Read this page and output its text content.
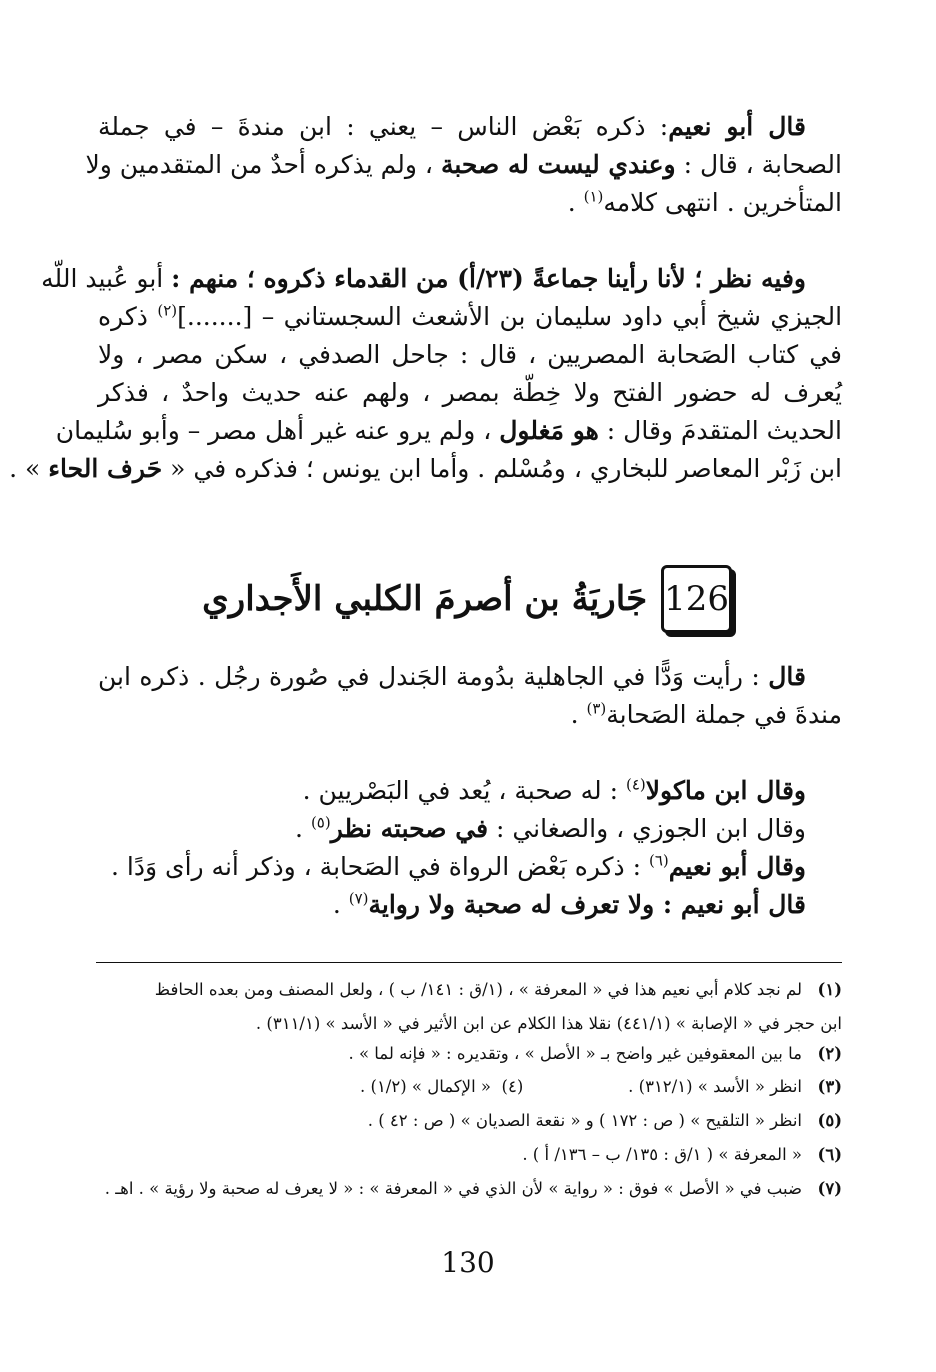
قال أبو نعيم: ذكره بَعْض الناس – يعني : ابن مندةَ – في جملة
الصحابة ، قال : وعندي ليست له صحبة ، ولم يذكره أحدٌ من المتقدمين ولا
المتأخرين . انتهى كلامه$^{(١)}$ .
وفيه نظر ؛ لأنا رأينا جماعةً (٢٣/أ) من القدماء ذكروه ؛ منهم : أبو عُبيد اللّه
الجيزي شيخ أبي داود سليمان بن الأشعث السجستاني – [.......]$^{(٢)}$ ذكره
في كتاب الصَحابة المصريين ، قال : جاحل الصدفي ، سكن مصر ، ولا
يُعرف له حضور الفتح ولا خِطّة بمصر ، ولهم عنه حديث واحدٌ ، فذكر
الحديث المتقدمَ وقال : هو مَغلول ، ولم يرو عنه غير أهل مصر – وأبو سُليمان
ابن زَبْر المعاصر للبخاري ، ومُسْلم . وأما ابن يونس ؛ فذكره في « حَرف الحاء » .
126
جَاريَةُ بن أصرمَ الكلبي الأَجداري
قال : رأيت وَدًّا في الجاهلية بدُومة الجَندل في صُورة رجُل . ذكره ابن
مندةَ في جملة الصَحابة$^{(٣)}$ .
وقال ابن ماكولا$^{(٤)}$ : له صحبة ، يُعد في البَصْريين .
وقال ابن الجوزي ، والصغاني : في صحبته نظر$^{(٥)}$ .
وقال أبو نعيم$^{(٦)}$ : ذكره بَعْض الرواة في الصَحابة ، وذكر أنه رأى وَدًا .
قال أبو نعيم : ولا تعرف له صحبة ولا رواية$^{(٧)}$ .
(١)لم نجد كلام أبي نعيم هذا في « المعرفة » ، (١/ق : ١٤١/ ب ) ، ولعل المصنف ومن بعده الحافظ
ابن حجر في « الإصابة » (٤٤١/١) نقلا هذا الكلام عن ابن الأثير في « الأسد » (٣١١/١) .
(٢)ما بين المعقوفين غير واضح بـ « الأصل » ، وتقديره : « فإنه لما » .
(٣)انظر « الأسد » (٣١٢/١) .                    (٤)  « الإكمال » (١/٢) .
(٥)انظر « التلقيح » ( ص : ١٧٢ ) و « نقعة الصديان » ( ص : ٤٢ ) .
(٦)« المعرفة » ( ١/ق : ١٣٥/ ب – ١٣٦/ أ ) .
(٧)ضبب في « الأصل » فوق : « رواية » لأن الذي في « المعرفة » : « لا يعرف له صحبة ولا رؤية » . اهـ .
130
